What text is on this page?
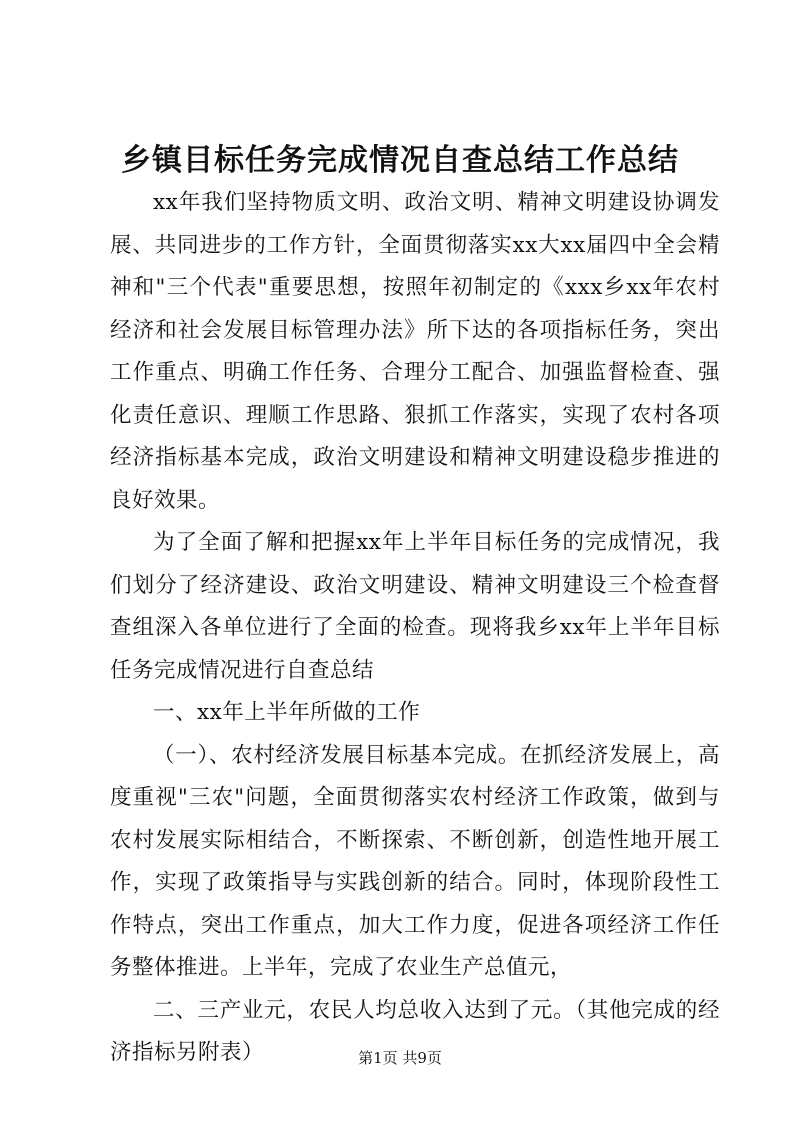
乡镇目标任务完成情况自查总结工作总结

xx年我们坚持物质文明、政治文明、精神文明建设协调发展、共同进步的工作方针，全面贯彻落实xx大xx届四中全会精神和"三个代表"重要思想，按照年初制定的《xxx乡xx年农村经济和社会发展目标管理办法》所下达的各项指标任务，突出工作重点、明确工作任务、合理分工配合、加强监督检查、强化责任意识、理顺工作思路、狠抓工作落实，实现了农村各项经济指标基本完成，政治文明建设和精神文明建设稳步推进的良好效果。

为了全面了解和把握xx年上半年目标任务的完成情况，我们划分了经济建设、政治文明建设、精神文明建设三个检查督查组深入各单位进行了全面的检查。现将我乡xx年上半年目标任务完成情况进行自查总结

一、xx年上半年所做的工作

（一）、农村经济发展目标基本完成。在抓经济发展上，高度重视"三农"问题，全面贯彻落实农村经济工作政策，做到与农村发展实际相结合，不断探索、不断创新，创造性地开展工作，实现了政策指导与实践创新的结合。同时，体现阶段性工作特点，突出工作重点，加大工作力度，促进各项经济工作任务整体推进。上半年，完成了农业生产总值元，

二、三产业元，农民人均总收入达到了元。（其他完成的经济指标另附表）	第1页 共9页
